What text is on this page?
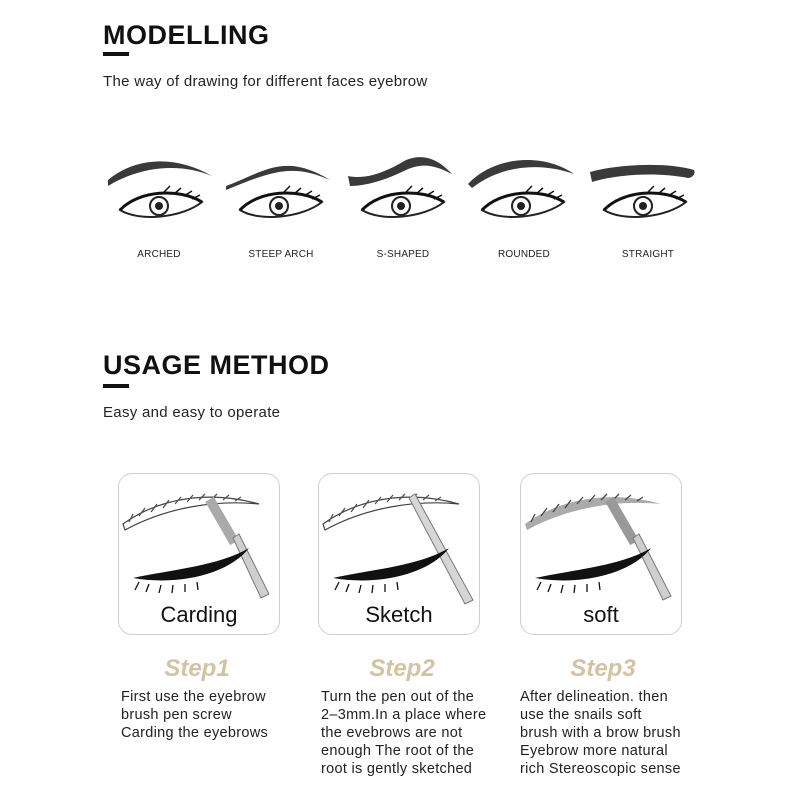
MODELLING
The way of drawing for different faces eyebrow
ARCHED	STEEP ARCH	S-SHAPED	ROUNDED	STRAIGHT
USAGE METHOD
Easy and easy to operate
Carding	Sketch	soft
Step1	Step2	Step3
First use the eyebrow
brush pen screw
Carding the eyebrows
Turn the pen out of the
2–3mm.In a place where
the evebrows are not
enough The root of the
root is gently sketched
After delineation. then
use the snails soft
brush with a brow brush
Eyebrow more natural
rich Stereoscopic sense
